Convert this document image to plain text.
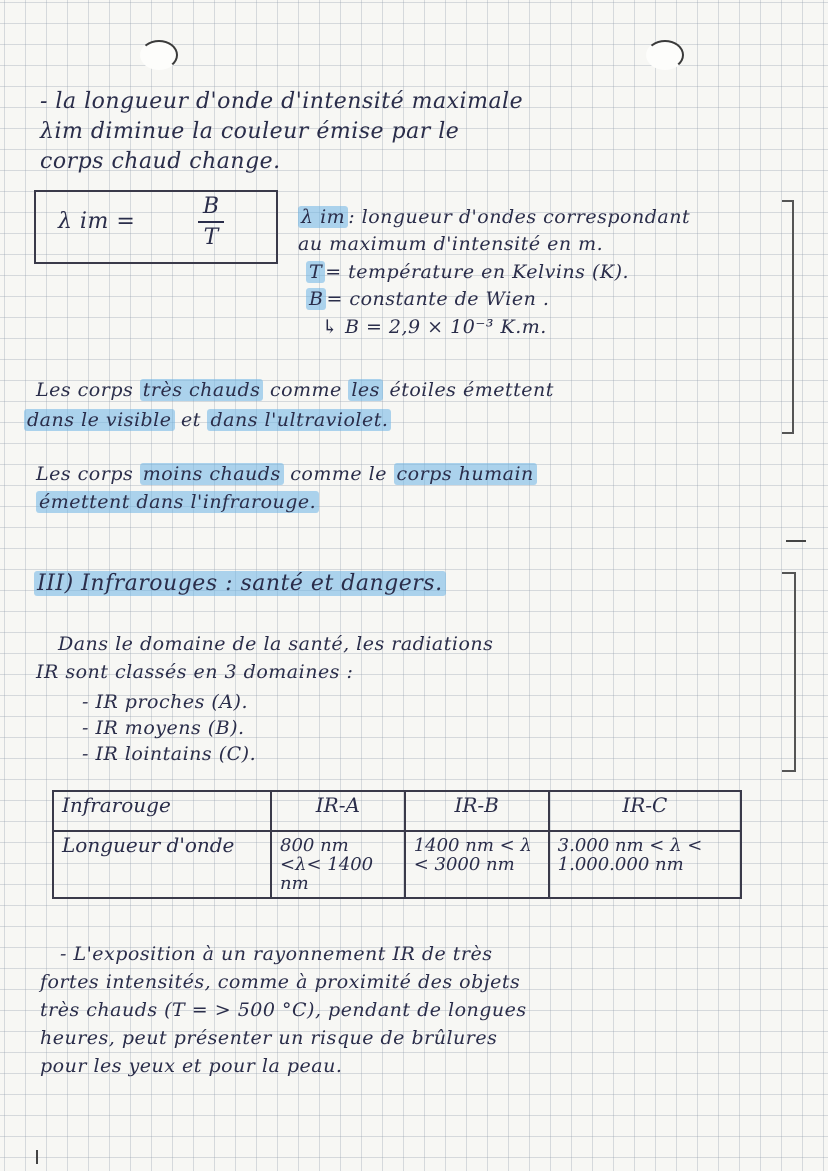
- la longueur d'onde d'intensité maximale
λim diminue la couleur émise par le
corps chaud change.
λ im =
B
T
λ im : longueur d'ondes correspondant
au maximum d'intensité en m.
T = température en Kelvins (K).
B = constante de Wien .
↳ B = 2,9 × 10⁻³ K.m.
Les corps très chauds comme les étoiles émettent
dans le visible et dans l'ultraviolet.
Les corps moins chauds comme le corps humain
émettent dans l'infrarouge.
III) Infrarouges : santé et dangers.
Dans le domaine de la santé, les radiations
IR sont classés en 3 domaines :
- IR proches (A).
- IR moyens (B).
- IR lointains (C).
Infrarouge	IR-A	IR-B	IR-C
Longueur d'onde	800 nm <λ< 1400 nm	1400 nm < λ < 3000 nm	3.000 nm < λ < 1.000.000 nm
- L'exposition à un rayonnement IR de très
fortes intensités, comme à proximité des objets
très chauds (T = > 500 °C), pendant de longues
heures, peut présenter un risque de brûlures
pour les yeux et pour la peau.
